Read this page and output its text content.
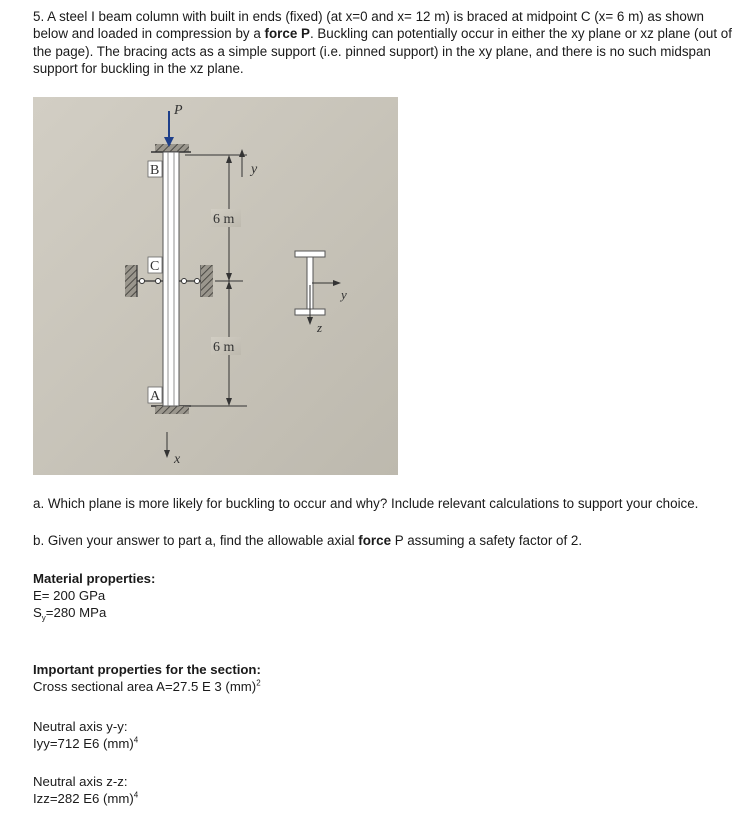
5. A steel I beam column with built in ends (fixed) (at x=0 and x= 12 m) is braced at midpoint C (x= 6 m) as shown below and loaded in compression by a force P. Buckling can potentially occur in either the xy plane or xz plane (out of the page). The bracing acts as a simple support (i.e. pinned support) in the xy plane, and there is no such midspan support for buckling in the xz plane.
P
B
C
A
6 m
6 m
y
x
y
z
a. Which plane is more likely for buckling to occur and why? Include relevant calculations to support your choice.
b. Given your answer to part a, find the allowable axial force P assuming a safety factor of 2.
Material properties:
E= 200 GPa
$S_y=280$ MPa
Important properties for the section:
Cross sectional area A=27.5 E 3 (mm)$^2$
Neutral axis y-y:
Iyy=712 E6 (mm)$^4$
Neutral axis z-z:
Izz=282 E6 (mm)$^4$
